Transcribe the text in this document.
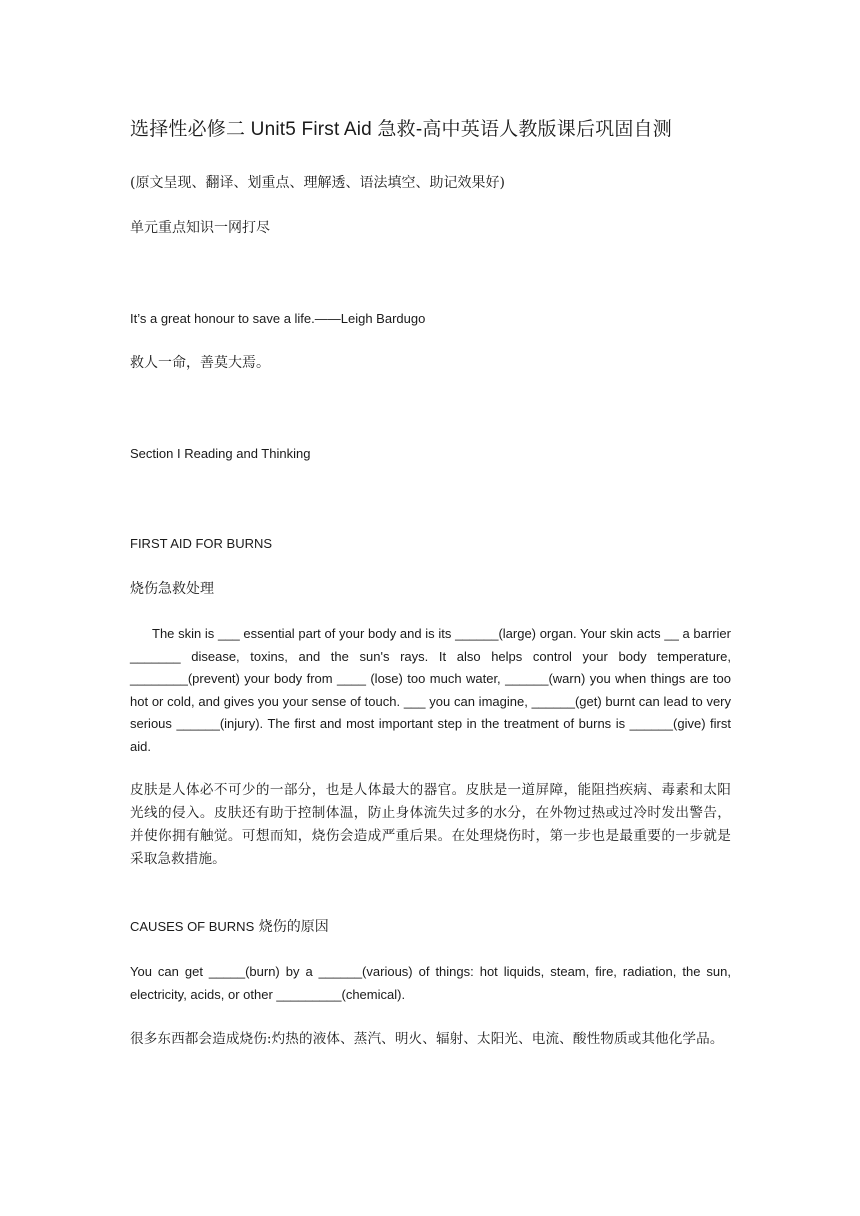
选择性必修二 Unit5 First Aid 急救-高中英语人教版课后巩固自测
(原文呈现、翻译、划重点、理解透、语法填空、助记效果好)
单元重点知识一网打尽
It’s a great honour to save a life.——Leigh Bardugo
救人一命，善莫大焉。
Section I Reading and Thinking
FIRST AID FOR BURNS
烧伤急救处理
The skin is ___ essential part of your body and is its ______(large) organ. Your skin acts __ a barrier _______ disease, toxins, and the sun's rays. It also helps control your body temperature, ________(prevent) your body from ____ (lose) too much water, ______(warn) you when things are too hot or cold, and gives you your sense of touch. ___ you can imagine, ______(get) burnt can lead to very serious ______(injury). The first and most important step in the treatment of burns is ______(give) first aid.
皮肤是人体必不可少的一部分，也是人体最大的器官。皮肤是一道屏障，能阻挡疾病、毒素和太阳光线的侵入。皮肤还有助于控制体温，防止身体流失过多的水分，在外物过热或过冷时发出警告，并使你拥有触觉。可想而知，烧伤会造成严重后果。在处理烧伤时，第一步也是最重要的一步就是采取急救措施。
CAUSES OF BURNS 烧伤的原因
You can get _____(burn) by a ______(various) of things: hot liquids, steam, fire, radiation, the sun, electricity, acids, or other _________(chemical).
很多东西都会造成烧伤:灼热的液体、蒸汽、明火、辐射、太阳光、电流、酸性物质或其他化学品。
